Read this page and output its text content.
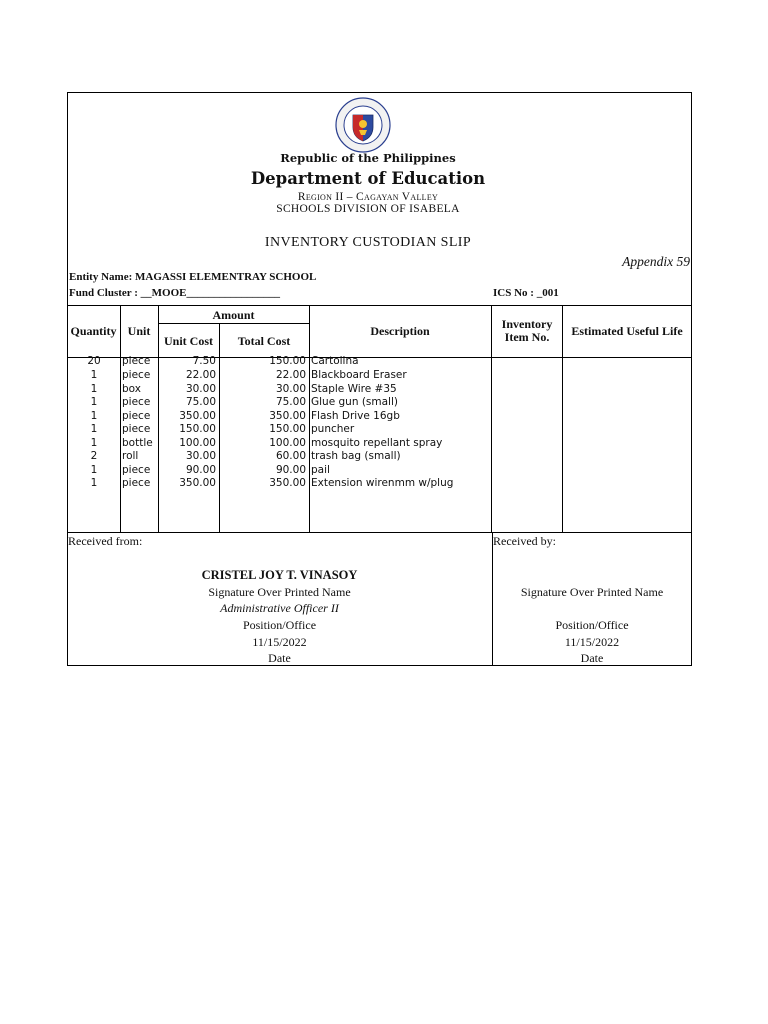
Republic of the Philippines
Department of Education
Region II – Cagayan Valley
SCHOOLS DIVISION OF ISABELA
INVENTORY CUSTODIAN SLIP
Appendix 59
Entity Name: MAGASSI ELEMENTRAY SCHOOL
Fund Cluster : __MOOE_________________	ICS No : _001
Quantity Unit
Amount
Unit Cost	Total Cost
Description	Inventory Item No.	Estimated Useful Life
20	piece	7.50	150.00 Cartolina
1	piece	22.00	22.00 Blackboard Eraser
1	box	30.00	30.00 Staple Wire #35
1	piece	75.00	75.00 Glue gun (small)
1	piece	350.00	350.00 Flash Drive 16gb
1	piece	150.00	150.00 puncher
1	bottle	100.00	100.00 mosquito repellant spray
2	roll	30.00	60.00 trash bag (small)
1	piece	90.00	90.00 pail
1	piece	350.00	350.00 Extension wirenmm w/plug
Received from:
CRISTEL JOY T. VINASOY
Signature Over Printed Name
Administrative Officer II
Position/Office
11/15/2022
Date
Received by:
Signature Over Printed Name
Position/Office
11/15/2022
Date
